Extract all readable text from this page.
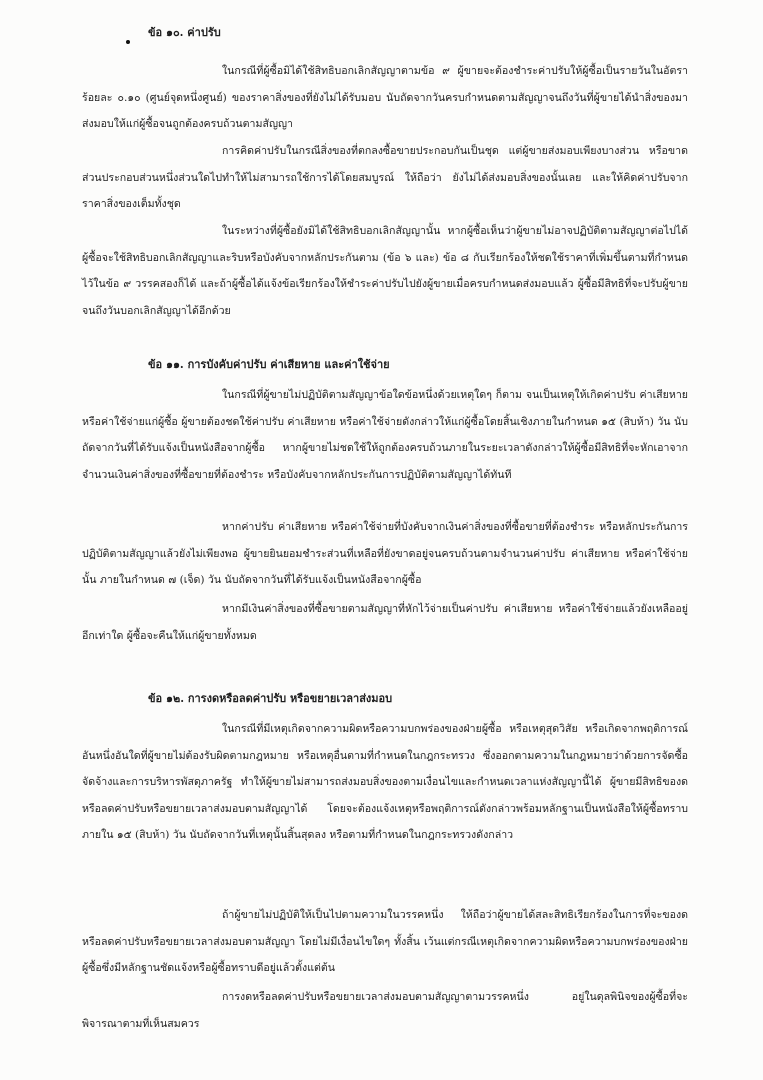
ข้อ ๑๐. ค่าปรับ

ในกรณีที่ผู้ซื้อมิได้ใช้สิทธิบอกเลิกสัญญาตามข้อ ๙ ผู้ขายจะต้องชำระค่าปรับให้ผู้ซื้อเป็นรายวันในอัตราร้อยละ ๐.๑๐ (ศูนย์จุดหนึ่งศูนย์) ของราคาสิ่งของที่ยังไม่ได้รับมอบ นับถัดจากวันครบกำหนดตามสัญญาจนถึงวันที่ผู้ขายได้นำสิ่งของมาส่งมอบให้แก่ผู้ซื้อจนถูกต้องครบถ้วนตามสัญญา

การคิดค่าปรับในกรณีสิ่งของที่ตกลงซื้อขายประกอบกันเป็นชุด แต่ผู้ขายส่งมอบเพียงบางส่วน หรือขาดส่วนประกอบส่วนหนึ่งส่วนใดไปทำให้ไม่สามารถใช้การได้โดยสมบูรณ์ ให้ถือว่า ยังไม่ได้ส่งมอบสิ่งของนั้นเลย และให้คิดค่าปรับจากราคาสิ่งของเต็มทั้งชุด

ในระหว่างที่ผู้ซื้อยังมิได้ใช้สิทธิบอกเลิกสัญญานั้น หากผู้ซื้อเห็นว่าผู้ขายไม่อาจปฏิบัติตามสัญญาต่อไปได้ ผู้ซื้อจะใช้สิทธิบอกเลิกสัญญาและริบหรือบังคับจากหลักประกันตาม (ข้อ ๖ และ) ข้อ ๘ กับเรียกร้องให้ชดใช้ราคาที่เพิ่มขึ้นตามที่กำหนดไว้ในข้อ ๙ วรรคสองก็ได้ และถ้าผู้ซื้อได้แจ้งข้อเรียกร้องให้ชำระค่าปรับไปยังผู้ขายเมื่อครบกำหนดส่งมอบแล้ว ผู้ซื้อมีสิทธิที่จะปรับผู้ขายจนถึงวันบอกเลิกสัญญาได้อีกด้วย

ข้อ ๑๑. การบังคับค่าปรับ ค่าเสียหาย และค่าใช้จ่าย

ในกรณีที่ผู้ขายไม่ปฏิบัติตามสัญญาข้อใดข้อหนึ่งด้วยเหตุใดๆ ก็ตาม จนเป็นเหตุให้เกิดค่าปรับ ค่าเสียหาย หรือค่าใช้จ่ายแก่ผู้ซื้อ ผู้ขายต้องชดใช้ค่าปรับ ค่าเสียหาย หรือค่าใช้จ่ายดังกล่าวให้แก่ผู้ซื้อโดยสิ้นเชิงภายในกำหนด ๑๕ (สิบห้า) วัน นับถัดจากวันที่ได้รับแจ้งเป็นหนังสือจากผู้ซื้อ หากผู้ขายไม่ชดใช้ให้ถูกต้องครบถ้วนภายในระยะเวลาดังกล่าวให้ผู้ซื้อมีสิทธิที่จะหักเอาจากจำนวนเงินค่าสิ่งของที่ซื้อขายที่ต้องชำระ หรือบังคับจากหลักประกันการปฏิบัติตามสัญญาได้ทันที

หากค่าปรับ ค่าเสียหาย หรือค่าใช้จ่ายที่บังคับจากเงินค่าสิ่งของที่ซื้อขายที่ต้องชำระ หรือหลักประกันการปฏิบัติตามสัญญาแล้วยังไม่เพียงพอ ผู้ขายยินยอมชำระส่วนที่เหลือที่ยังขาดอยู่จนครบถ้วนตามจำนวนค่าปรับ ค่าเสียหาย หรือค่าใช้จ่ายนั้น ภายในกำหนด ๗ (เจ็ด) วัน นับถัดจากวันที่ได้รับแจ้งเป็นหนังสือจากผู้ซื้อ

หากมีเงินค่าสิ่งของที่ซื้อขายตามสัญญาที่หักไว้จ่ายเป็นค่าปรับ ค่าเสียหาย หรือค่าใช้จ่ายแล้วยังเหลืออยู่อีกเท่าใด ผู้ซื้อจะคืนให้แก่ผู้ขายทั้งหมด

ข้อ ๑๒. การงดหรือลดค่าปรับ หรือขยายเวลาส่งมอบ

ในกรณีที่มีเหตุเกิดจากความผิดหรือความบกพร่องของฝ่ายผู้ซื้อ หรือเหตุสุดวิสัย หรือเกิดจากพฤติการณ์อันหนึ่งอันใดที่ผู้ขายไม่ต้องรับผิดตามกฎหมาย หรือเหตุอื่นตามที่กำหนดในกฎกระทรวง ซึ่งออกตามความในกฎหมายว่าด้วยการจัดซื้อจัดจ้างและการบริหารพัสดุภาครัฐ ทำให้ผู้ขายไม่สามารถส่งมอบสิ่งของตามเงื่อนไขและกำหนดเวลาแห่งสัญญานี้ได้ ผู้ขายมีสิทธิของดหรือลดค่าปรับหรือขยายเวลาส่งมอบตามสัญญาได้ โดยจะต้องแจ้งเหตุหรือพฤติการณ์ดังกล่าวพร้อมหลักฐานเป็นหนังสือให้ผู้ซื้อทราบภายใน ๑๕ (สิบห้า) วัน นับถัดจากวันที่เหตุนั้นสิ้นสุดลง หรือตามที่กำหนดในกฎกระทรวงดังกล่าว

ถ้าผู้ขายไม่ปฏิบัติให้เป็นไปตามความในวรรคหนึ่ง ให้ถือว่าผู้ขายได้สละสิทธิเรียกร้องในการที่จะของดหรือลดค่าปรับหรือขยายเวลาส่งมอบตามสัญญา โดยไม่มีเงื่อนไขใดๆ ทั้งสิ้น เว้นแต่กรณีเหตุเกิดจากความผิดหรือความบกพร่องของฝ่ายผู้ซื้อซึ่งมีหลักฐานชัดแจ้งหรือผู้ซื้อทราบดีอยู่แล้วตั้งแต่ต้น

การงดหรือลดค่าปรับหรือขยายเวลาส่งมอบตามสัญญาตามวรรคหนึ่ง อยู่ในดุลพินิจของผู้ซื้อที่จะพิจารณาตามที่เห็นสมควร
